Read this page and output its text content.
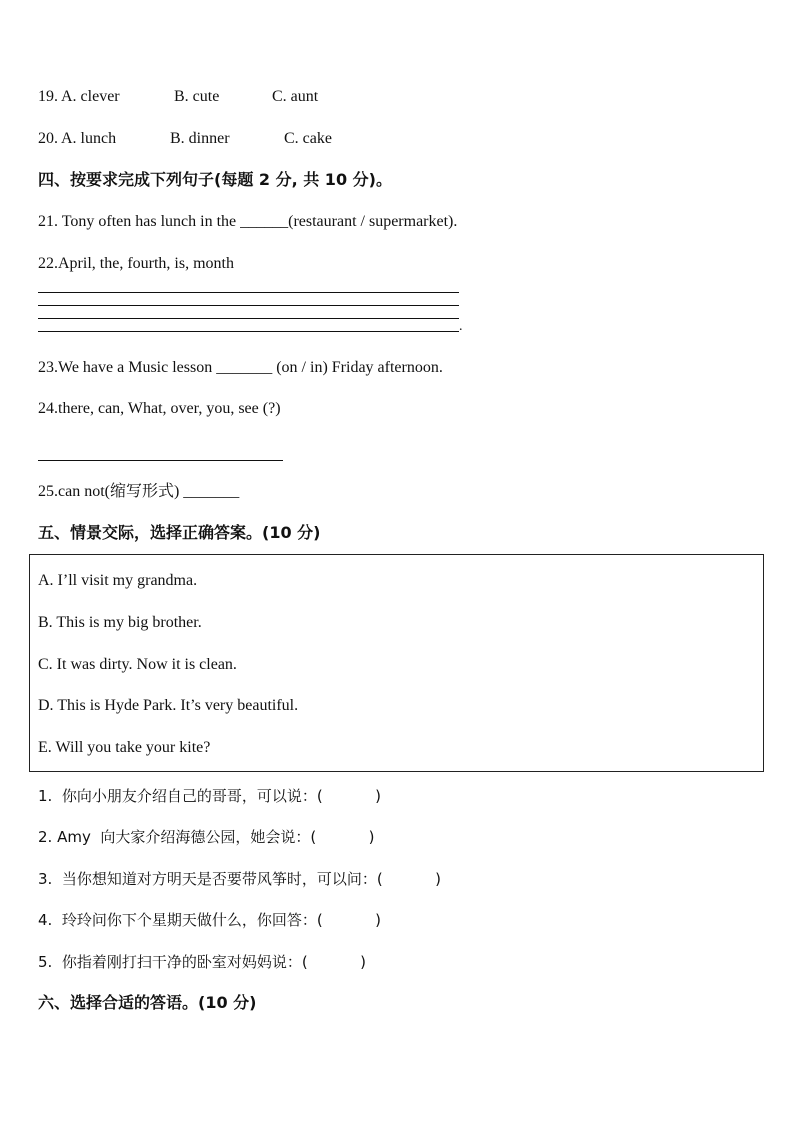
19.

A. clever

	B. cute

	C. aunt

20.

A. lunch

	B. dinner

	C. cake

四、按要求完成下列句子(每题 2 分, 共 10 分)。
21. Tony often has lunch in the ______(restaurant / supermarket).
22.April, the, fourth, is, month
.
23.We have a Music lesson _______ (on / in) Friday afternoon.
24.there, can, What, over, you, see (?)
25.can not(缩写形式) _______
五、情景交际，选择正确答案。(10 分)
A. I’ll visit my grandma.
B. This is my big brother.
C. It was dirty. Now it is clean.
D. This is Hyde Park. It’s very beautiful.
E. Will you take your kite?
1.  你向小朋友介绍自己的哥哥，可以说：(           )
2. Amy  向大家介绍海德公园，她会说：(           )
3.  当你想知道对方明天是否要带风筝时，可以问：(           )
4.  玲玲问你下个星期天做什么，你回答：(           )
5.  你指着刚打扫干净的卧室对妈妈说：(           )
六、选择合适的答语。(10 分)
